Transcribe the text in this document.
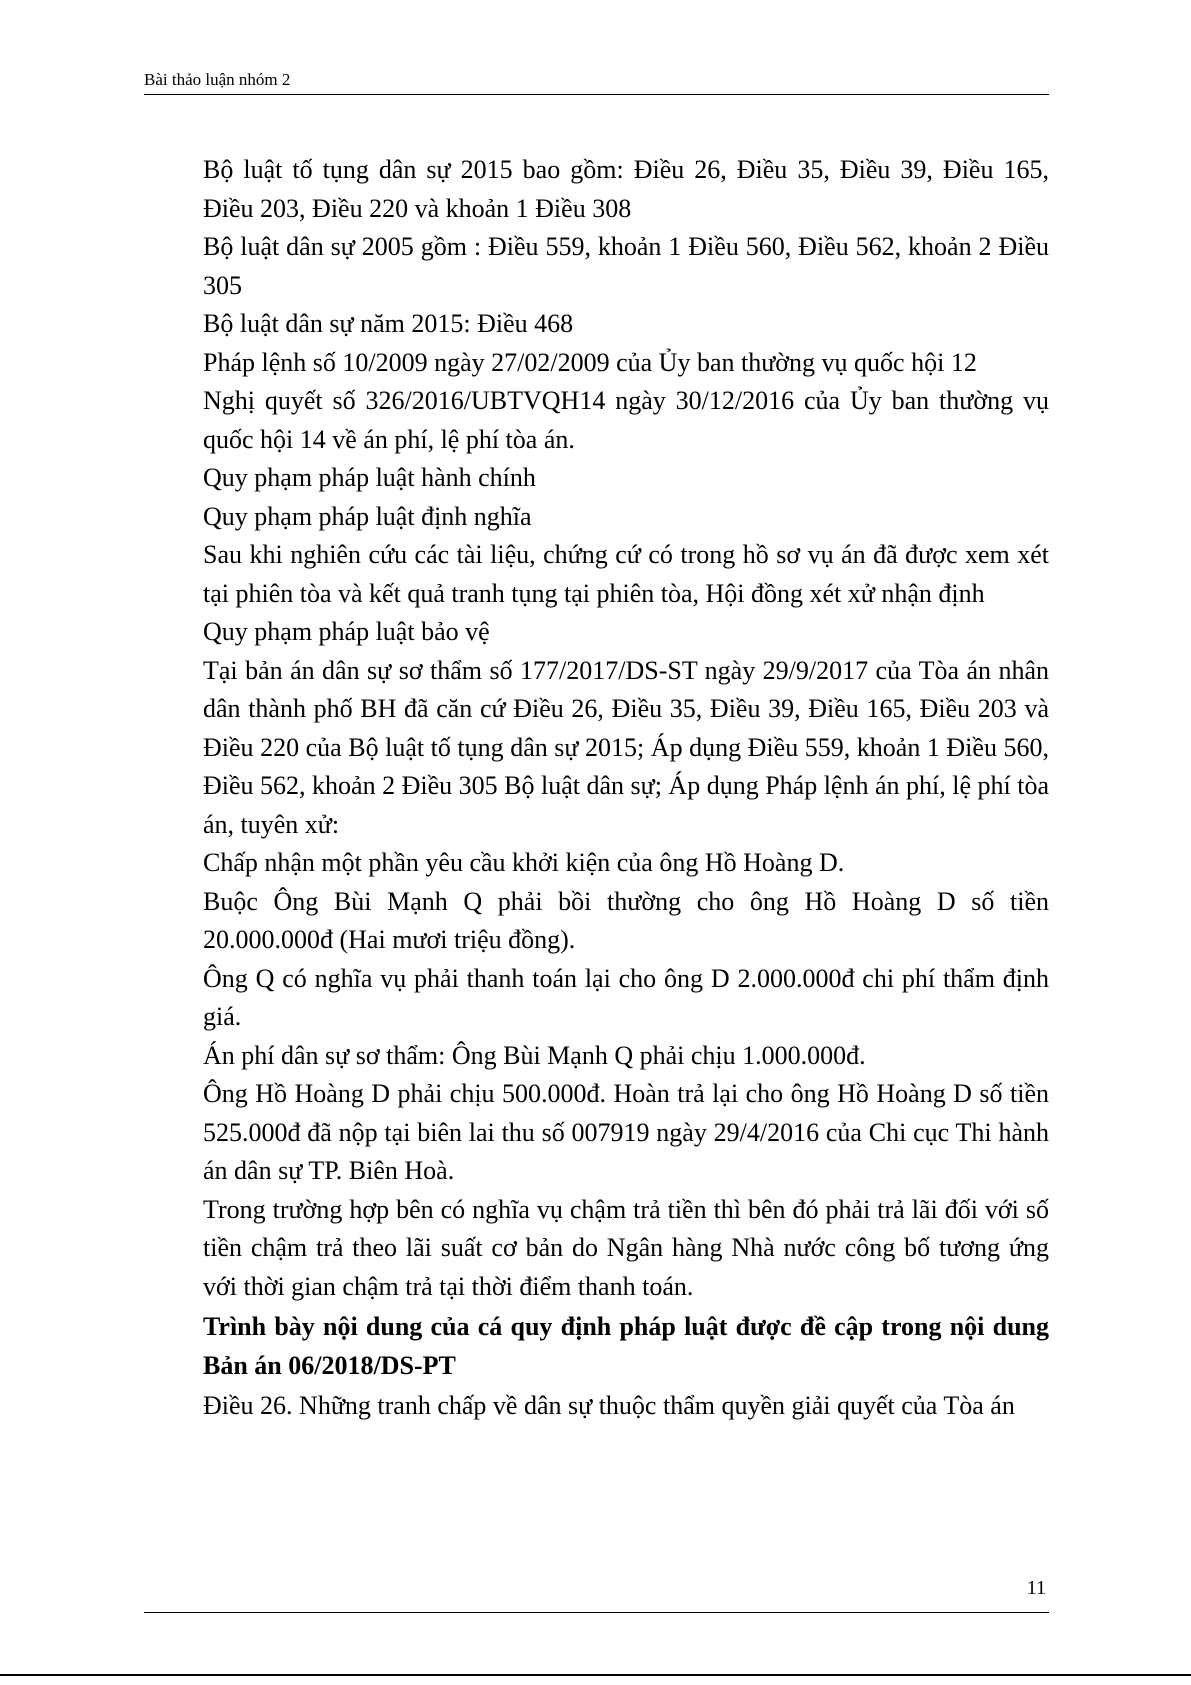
Bài thảo luận nhóm 2

Bộ luật tố tụng dân sự 2015 bao gồm: Điều 26, Điều 35, Điều 39, Điều 165, Điều 203, Điều 220 và khoản 1 Điều 308

Bộ luật dân sự 2005 gồm : Điều 559, khoản 1 Điều 560, Điều 562, khoản 2 Điều 305

Bộ luật dân sự năm 2015: Điều 468

Pháp lệnh số 10/2009 ngày 27/02/2009 của Ủy ban thường vụ quốc hội 12

Nghị quyết số 326/2016/UBTVQH14 ngày 30/12/2016 của Ủy ban thường vụ quốc hội 14 về án phí, lệ phí tòa án.

Quy phạm pháp luật hành chính

Quy phạm pháp luật định nghĩa

Sau khi nghiên cứu các tài liệu, chứng cứ có trong hồ sơ vụ án đã được xem xét tại phiên tòa và kết quả tranh tụng tại phiên tòa, Hội đồng xét xử nhận định

Quy phạm pháp luật bảo vệ

Tại bản án dân sự sơ thẩm số 177/2017/DS-ST ngày 29/9/2017 của Tòa án nhân dân thành phố BH đã căn cứ Điều 26, Điều 35, Điều 39, Điều 165, Điều 203 và Điều 220 của Bộ luật tố tụng dân sự 2015; Áp dụng Điều 559, khoản 1 Điều 560, Điều 562, khoản 2 Điều 305 Bộ luật dân sự; Áp dụng Pháp lệnh án phí, lệ phí tòa án, tuyên xử:

Chấp nhận một phần yêu cầu khởi kiện của ông Hồ Hoàng D.

Buộc Ông Bùi Mạnh Q phải bồi thường cho ông Hồ Hoàng D số tiền 20.000.000đ (Hai mươi triệu đồng).

Ông Q có nghĩa vụ phải thanh toán lại cho ông D 2.000.000đ chi phí thẩm định giá.

Án phí dân sự sơ thẩm: Ông Bùi Mạnh Q phải chịu 1.000.000đ.

Ông Hồ Hoàng D phải chịu 500.000đ. Hoàn trả lại cho ông Hồ Hoàng D số tiền 525.000đ đã nộp tại biên lai thu số 007919 ngày 29/4/2016 của Chi cục Thi hành án dân sự TP. Biên Hoà.

Trong trường hợp bên có nghĩa vụ chậm trả tiền thì bên đó phải trả lãi đối với số tiền chậm trả theo lãi suất cơ bản do Ngân hàng Nhà nước công bố tương ứng với thời gian chậm trả tại thời điểm thanh toán.

Trình bày nội dung của cá quy định pháp luật được đề cập trong nội dung Bản án 06/2018/DS-PT

Điều 26. Những tranh chấp về dân sự thuộc thẩm quyền giải quyết của Tòa án

11
